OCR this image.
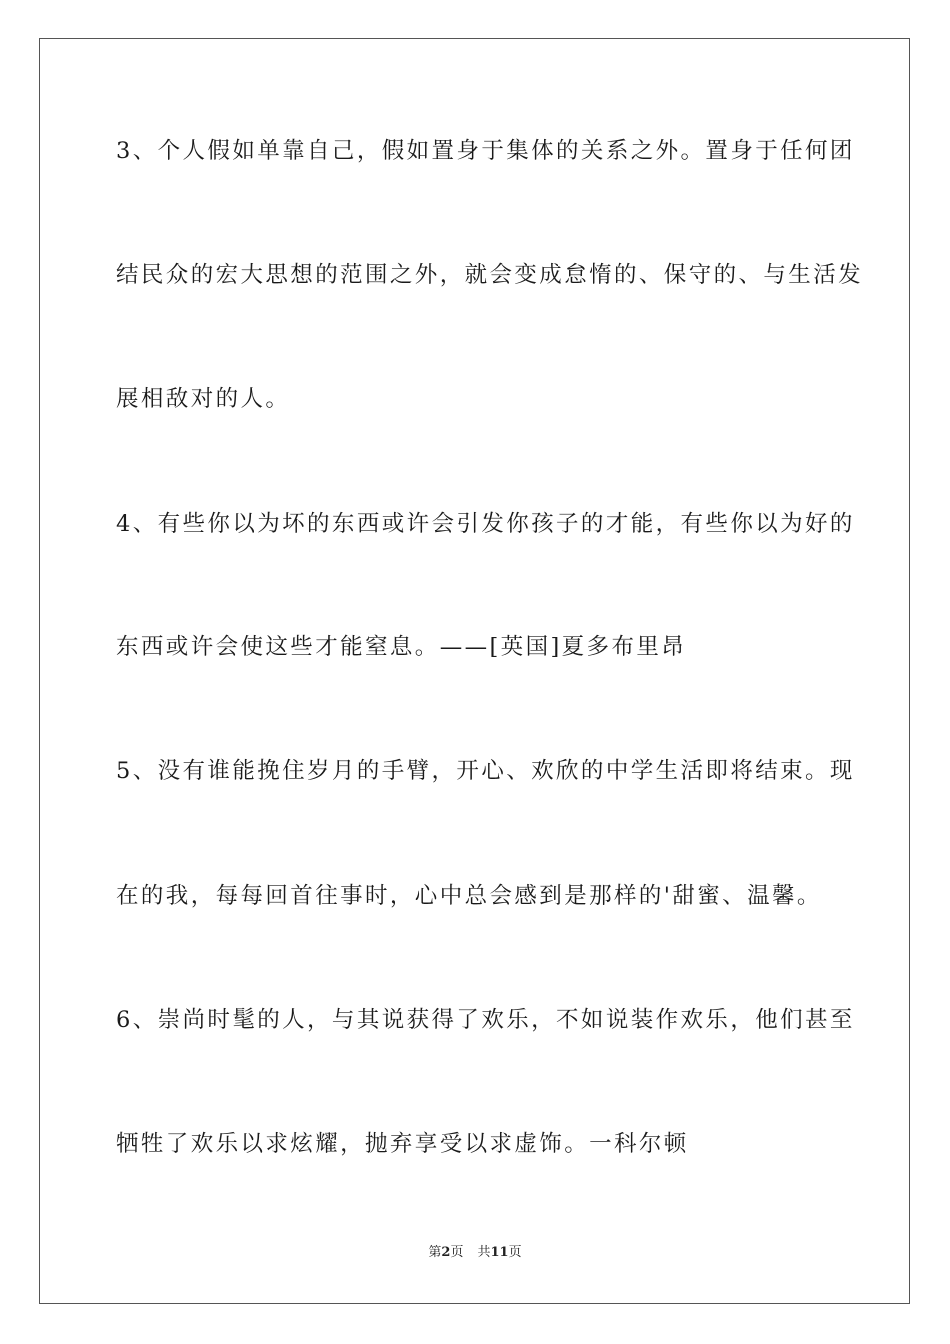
3、个人假如单靠自己，假如置身于集体的关系之外。置身于任何团
结民众的宏大思想的范围之外，就会变成怠惰的、保守的、与生活发
展相敌对的人。
4、有些你以为坏的东西或许会引发你孩子的才能，有些你以为好的
东西或许会使这些才能窒息。——[英国]夏多布里昂
5、没有谁能挽住岁月的手臂，开心、欢欣的中学生活即将结束。现
在的我，每每回首往事时，心中总会感到是那样的'甜蜜、温馨。
6、崇尚时髦的人，与其说获得了欢乐，不如说装作欢乐，他们甚至
牺牲了欢乐以求炫耀，抛弃享受以求虚饰。一科尔顿
第2页 共11页
